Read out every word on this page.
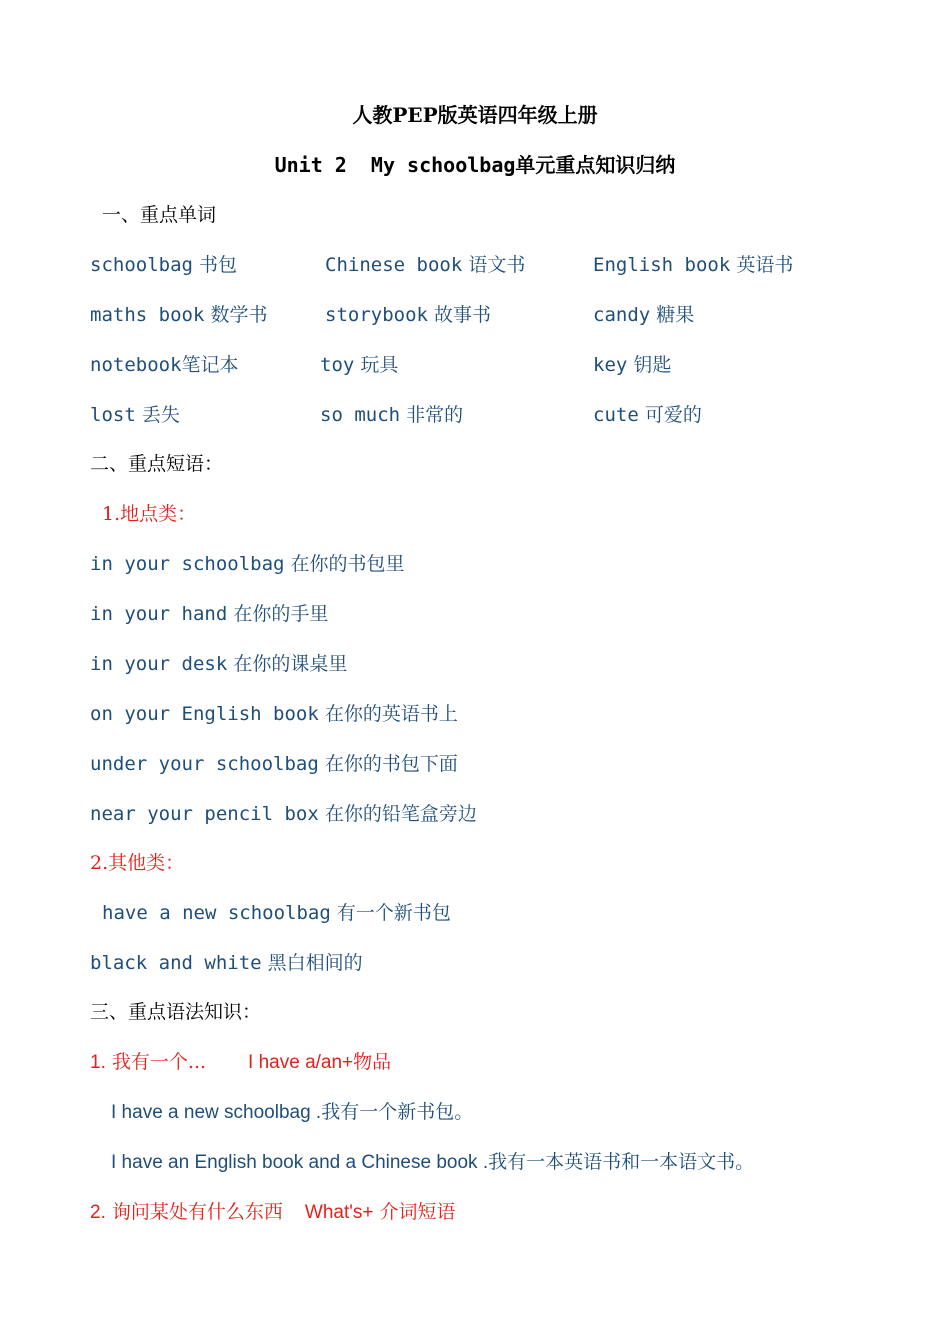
人教PEP版英语四年级上册
Unit 2  My schoolbag单元重点知识归纳
一、重点单词
schoolbag 书包	Chinese book 语文书	English book 英语书
maths book 数学书	storybook 故事书	candy 糖果
notebook笔记本	toy 玩具	key 钥匙
lost 丢失	so much 非常的	cute 可爱的
二、重点短语：
1.地点类：
in your schoolbag 在你的书包里
in your hand 在你的手里
in your desk 在你的课桌里
on your English book 在你的英语书上
under your schoolbag 在你的书包下面
near your pencil box 在你的铅笔盒旁边
2.其他类：
have a new schoolbag 有一个新书包
black and white 黑白相间的
三、重点语法知识：
1. 我有一个... I have a/an+物品
I have a new schoolbag .我有一个新书包。
I have an English book and a Chinese book .我有一本英语书和一本语文书。
2. 询问某处有什么东西 What's+ 介词短语
